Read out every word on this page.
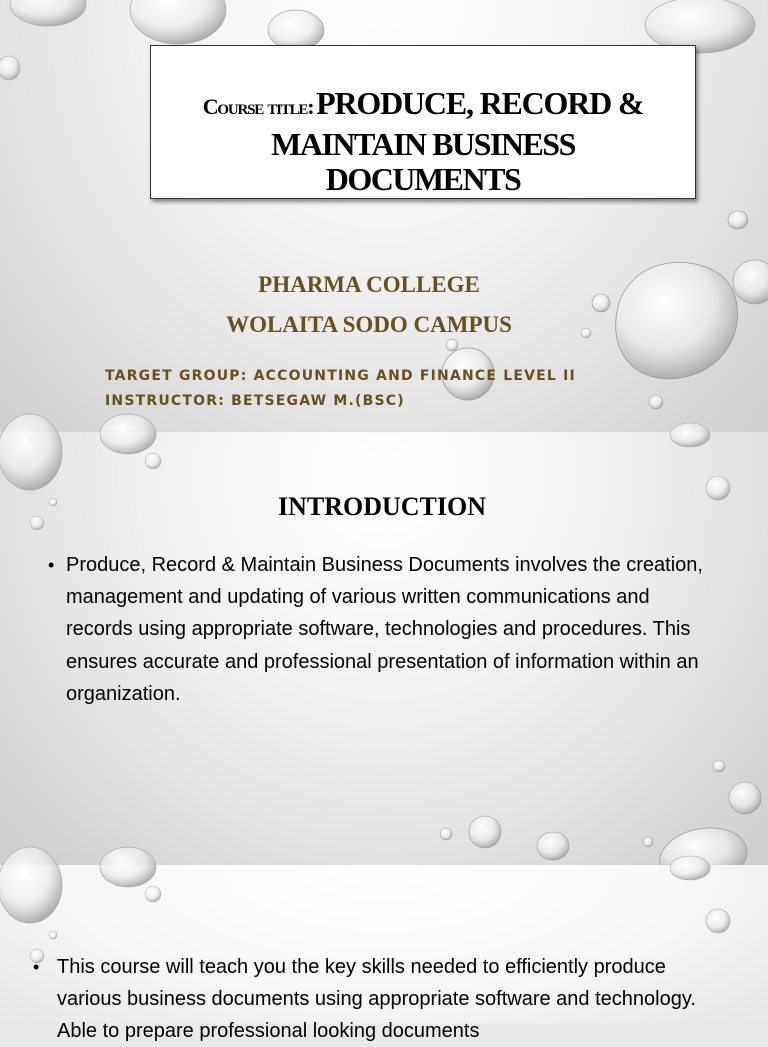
Course title: PRODUCE, RECORD &
MAINTAIN BUSINESS
DOCUMENTS
PHARMA COLLEGE
WOLAITA SODO CAMPUS
TARGET GROUP: ACCOUNTING AND FINANCE LEVEL II
INSTRUCTOR: BETSEGAW M.(BSC)
INTRODUCTION
• Produce, Record & Maintain Business Documents involves the creation, management and updating of various written communications and records using appropriate software, technologies and procedures. This ensures accurate and professional presentation of information within an organization.
• This course will teach you the key skills needed to efficiently produce various business documents using appropriate software and technology. Able to prepare professional looking documents
